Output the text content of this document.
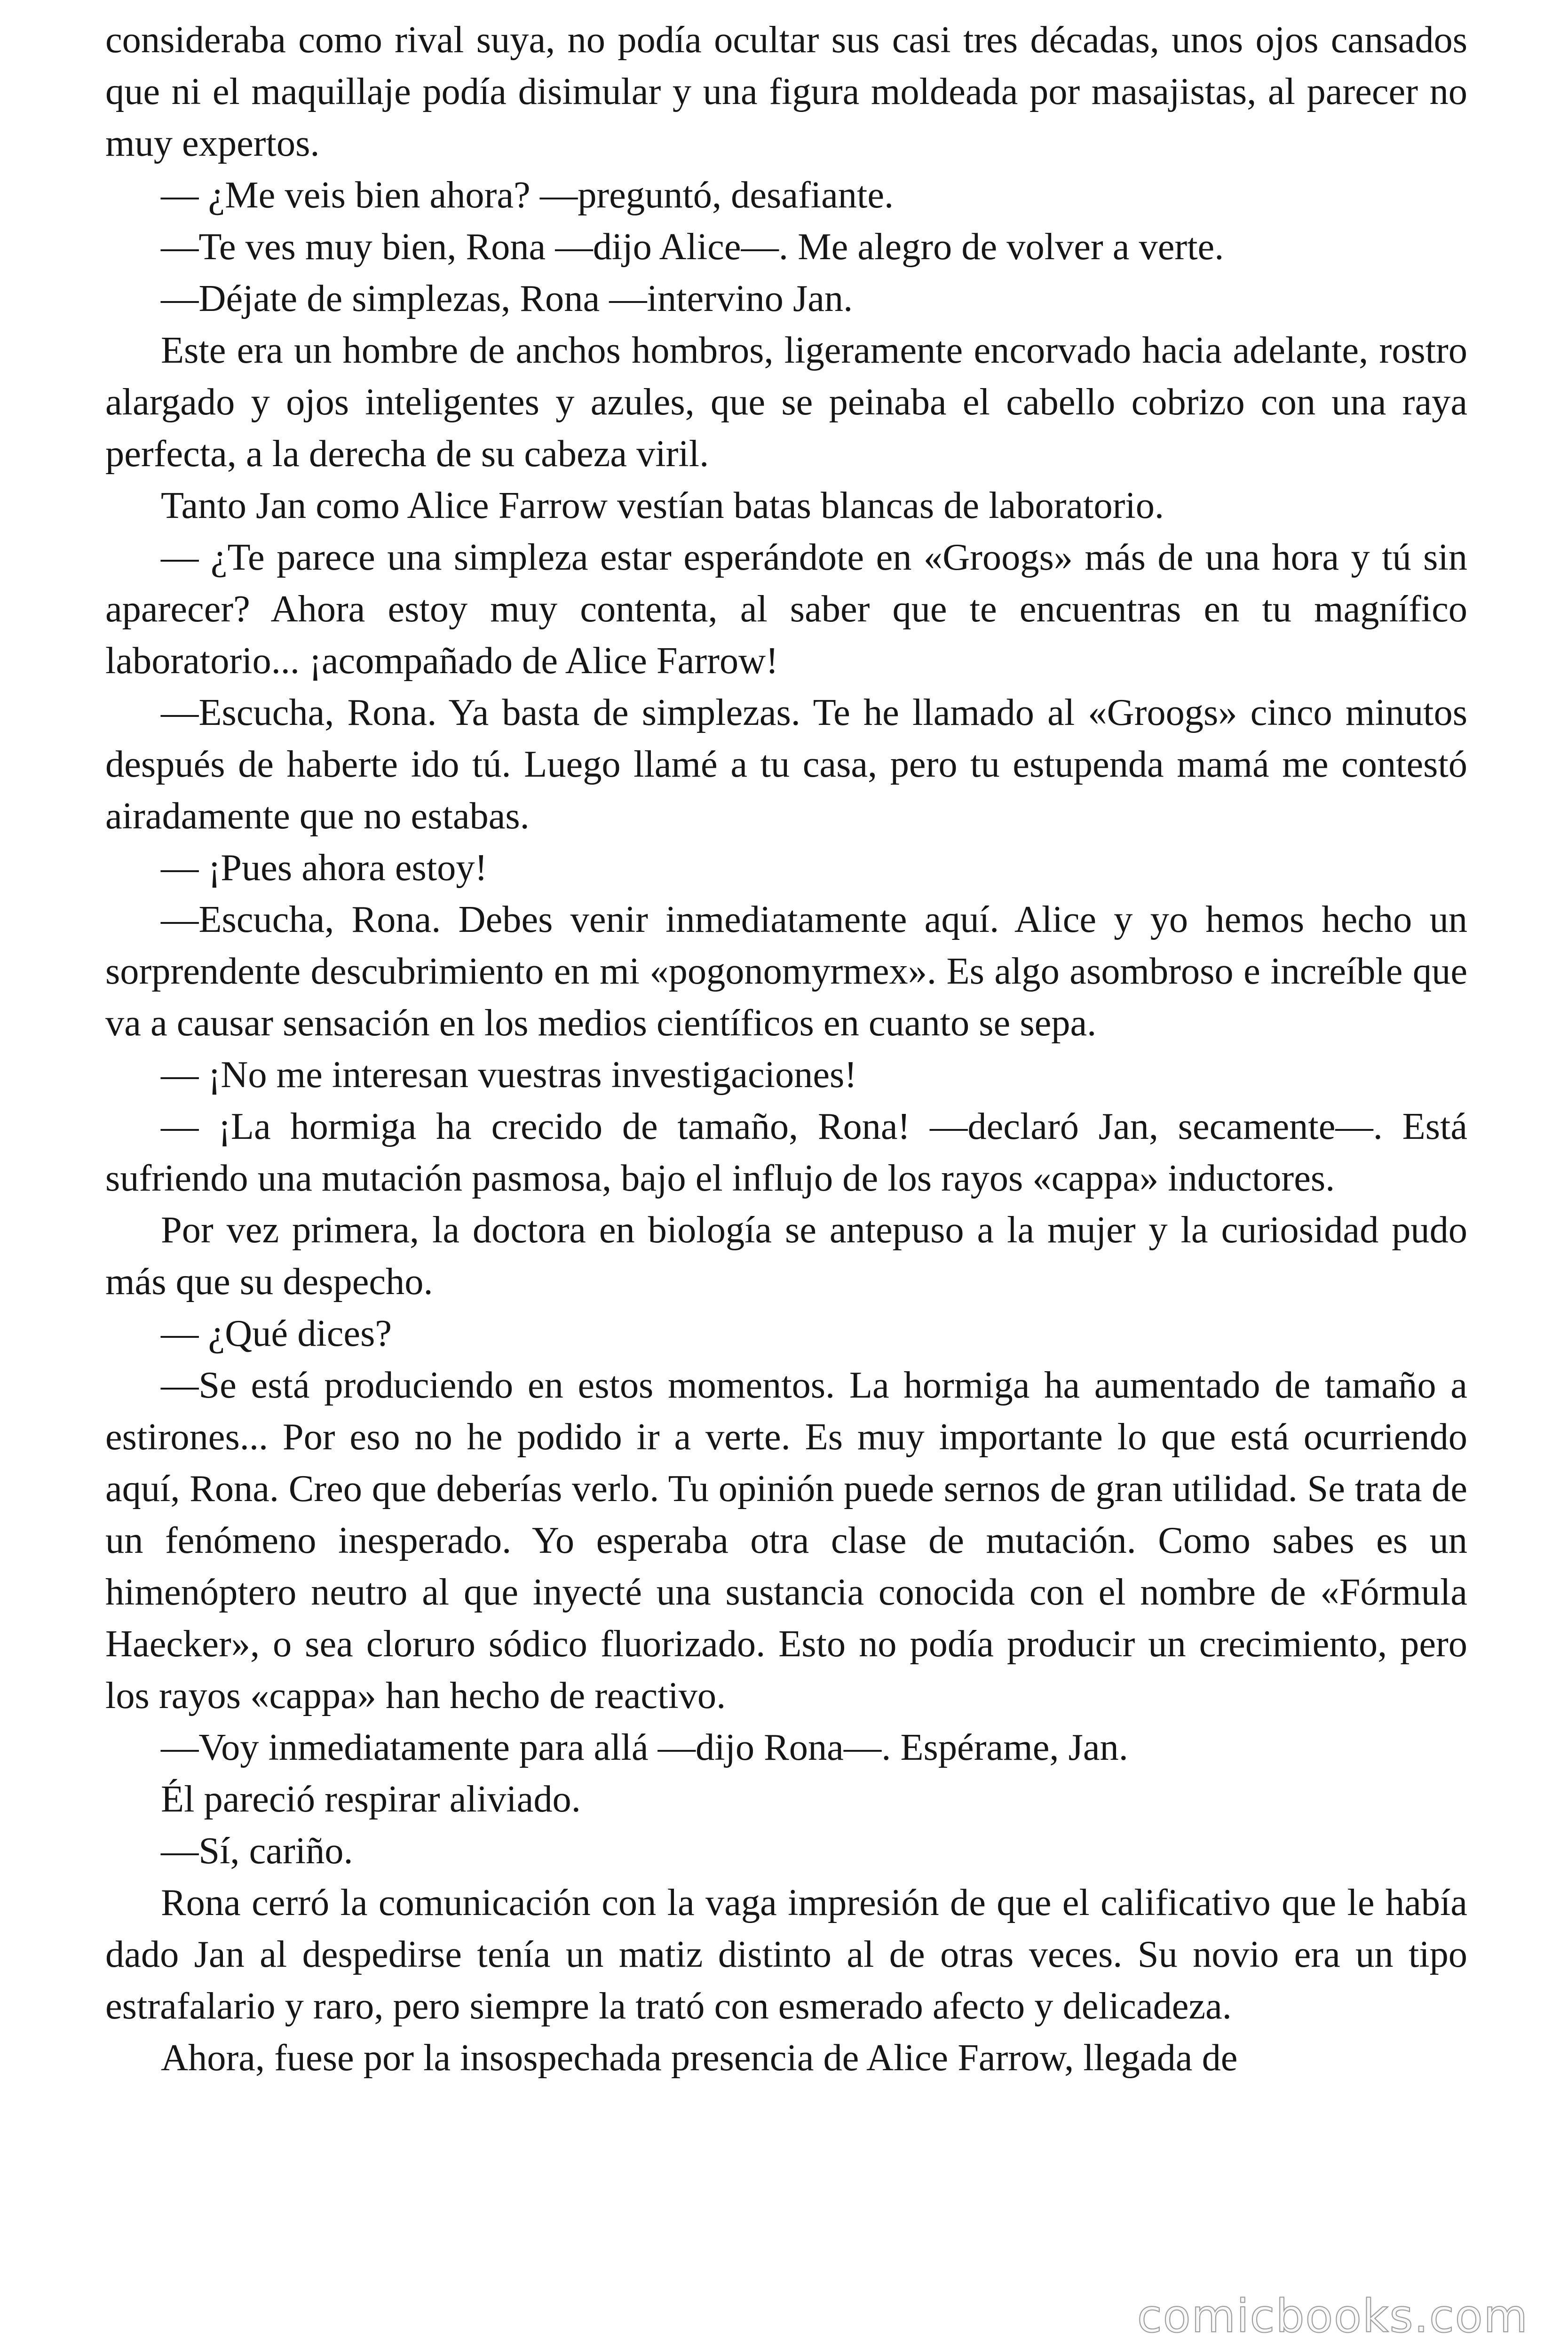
consideraba como rival suya, no podía ocultar sus casi tres décadas, unos ojos cansados que ni el maquillaje podía disimular y una figura moldeada por masajistas, al parecer no muy expertos.

— ¿Me veis bien ahora? —preguntó, desafiante.

—Te ves muy bien, Rona —dijo Alice—. Me alegro de volver a verte.

—Déjate de simplezas, Rona —intervino Jan.

Este era un hombre de anchos hombros, ligeramente encorvado hacia adelante, rostro alargado y ojos inteligentes y azules, que se peinaba el cabello cobrizo con una raya perfecta, a la derecha de su cabeza viril.

Tanto Jan como Alice Farrow vestían batas blancas de laboratorio.

— ¿Te parece una simpleza estar esperándote en «Groogs» más de una hora y tú sin aparecer? Ahora estoy muy contenta, al saber que te encuentras en tu magnífico laboratorio... ¡acompañado de Alice Farrow!

—Escucha, Rona. Ya basta de simplezas. Te he llamado al «Groogs» cinco minutos después de haberte ido tú. Luego llamé a tu casa, pero tu estupenda mamá me contestó airadamente que no estabas.

— ¡Pues ahora estoy!

—Escucha, Rona. Debes venir inmediatamente aquí. Alice y yo hemos hecho un sorprendente descubrimiento en mi «pogonomyrmex». Es algo asombroso e increíble que va a causar sensación en los medios científicos en cuanto se sepa.

— ¡No me interesan vuestras investigaciones!

— ¡La hormiga ha crecido de tamaño, Rona! —declaró Jan, secamente—. Está sufriendo una mutación pasmosa, bajo el influjo de los rayos «cappa» inductores.

Por vez primera, la doctora en biología se antepuso a la mujer y la curiosidad pudo más que su despecho.

— ¿Qué dices?

—Se está produciendo en estos momentos. La hormiga ha aumentado de tamaño a estirones... Por eso no he podido ir a verte. Es muy importante lo que está ocurriendo aquí, Rona. Creo que deberías verlo. Tu opinión puede sernos de gran utilidad. Se trata de un fenómeno inesperado. Yo esperaba otra clase de mutación. Como sabes es un himenóptero neutro al que inyecté una sustancia conocida con el nombre de «Fórmula Haecker», o sea cloruro sódico fluorizado. Esto no podía producir un crecimiento, pero los rayos «cappa» han hecho de reactivo.

—Voy inmediatamente para allá —dijo Rona—. Espérame, Jan.

Él pareció respirar aliviado.

—Sí, cariño.

Rona cerró la comunicación con la vaga impresión de que el calificativo que le había dado Jan al despedirse tenía un matiz distinto al de otras veces. Su novio era un tipo estrafalario y raro, pero siempre la trató con esmerado afecto y delicadeza.

Ahora, fuese por la insospechada presencia de Alice Farrow, llegada de

comicbooks.com
